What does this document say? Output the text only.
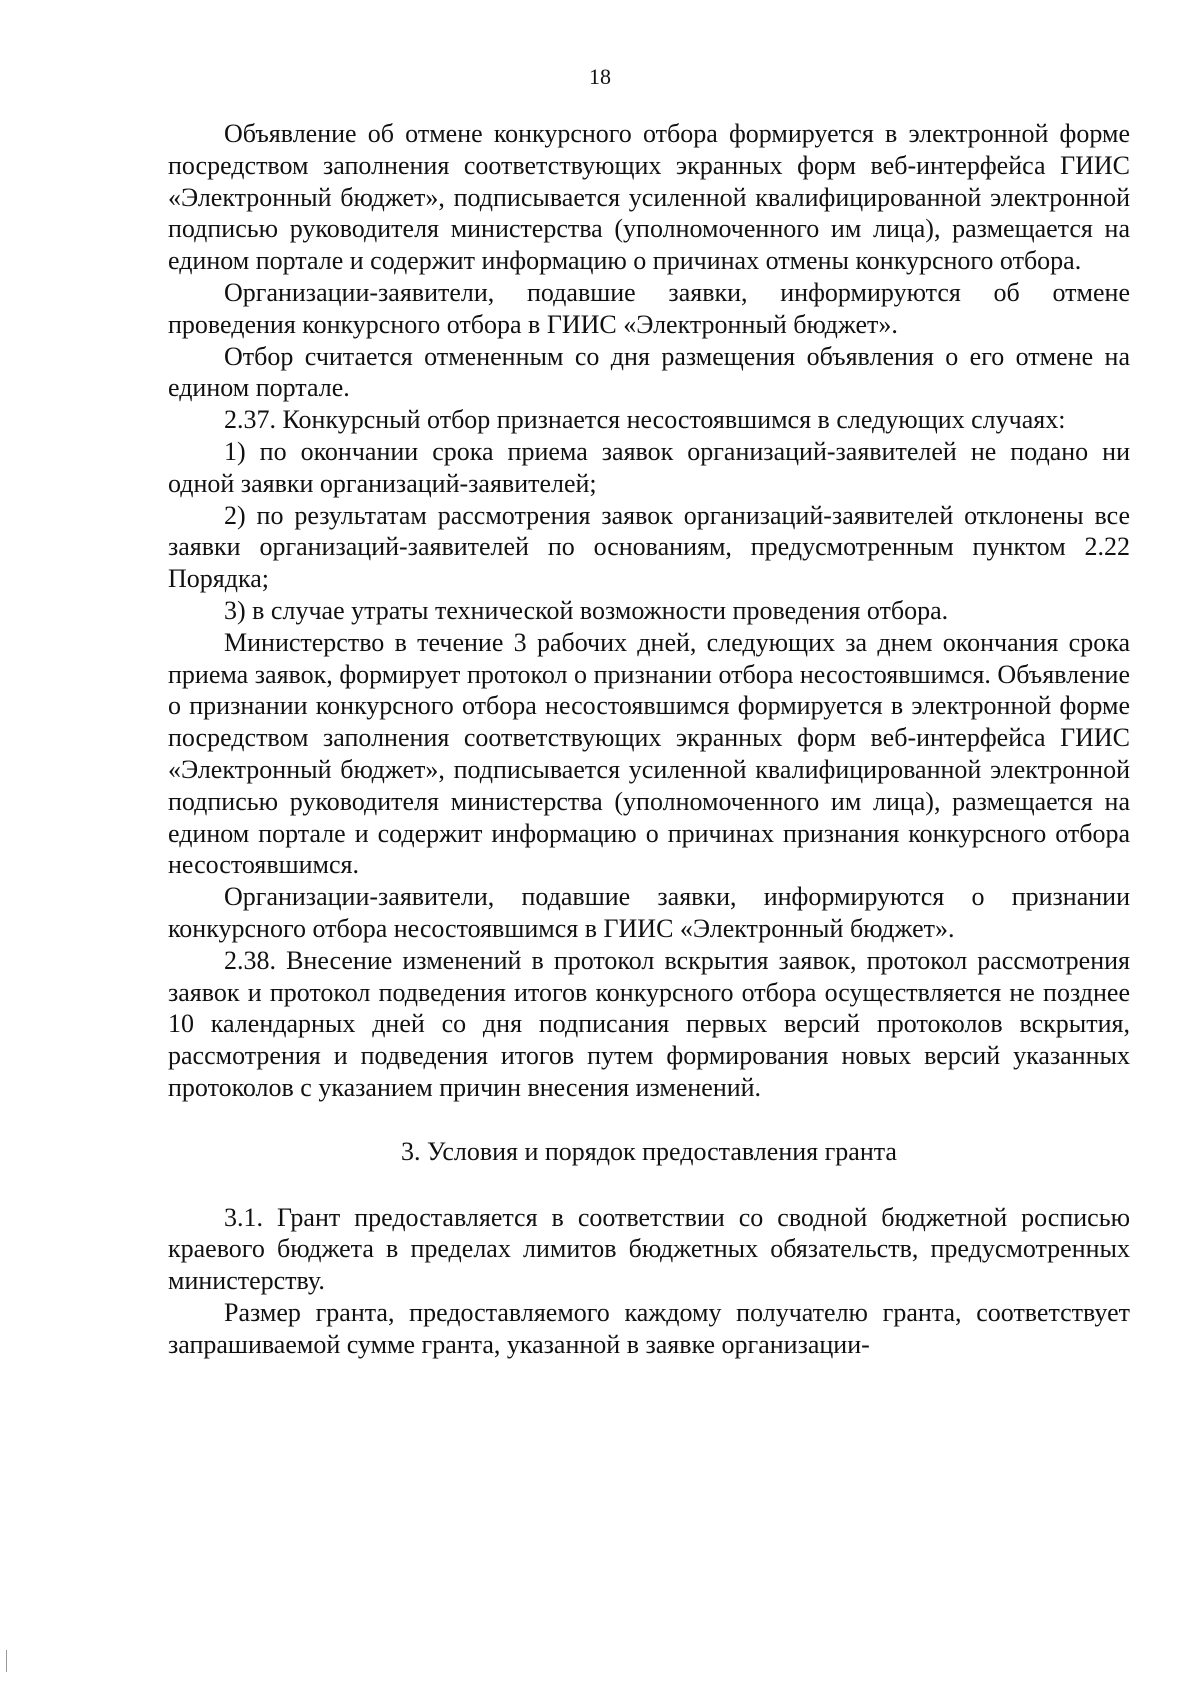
18

Объявление об отмене конкурсного отбора формируется в электронной форме посредством заполнения соответствующих экранных форм веб-интерфейса ГИИС «Электронный бюджет», подписывается усиленной квалифицированной электронной подписью руководителя министерства (уполномоченного им лица), размещается на едином портале и содержит информацию о причинах отмены конкурсного отбора.

Организации-заявители, подавшие заявки, информируются об отмене проведения конкурсного отбора в ГИИС «Электронный бюджет».

Отбор считается отмененным со дня размещения объявления о его отмене на едином портале.

2.37. Конкурсный отбор признается несостоявшимся в следующих случаях:

1) по окончании срока приема заявок организаций-заявителей не подано ни одной заявки организаций-заявителей;

2) по результатам рассмотрения заявок организаций-заявителей отклонены все заявки организаций-заявителей по основаниям, предусмотренным пунктом 2.22 Порядка;

3) в случае утраты технической возможности проведения отбора.

Министерство в течение 3 рабочих дней, следующих за днем окончания срока приема заявок, формирует протокол о признании отбора несостоявшимся. Объявление о признании конкурсного отбора несостоявшимся формируется в электронной форме посредством заполнения соответствующих экранных форм веб-интерфейса ГИИС «Электронный бюджет», подписывается усиленной квалифицированной электронной подписью руководителя министерства (уполномоченного им лица), размещается на едином портале и содержит информацию о причинах признания конкурсного отбора несостоявшимся.

Организации-заявители, подавшие заявки, информируются о признании конкурсного отбора несостоявшимся в ГИИС «Электронный бюджет».

2.38. Внесение изменений в протокол вскрытия заявок, протокол рассмотрения заявок и протокол подведения итогов конкурсного отбора осуществляется не позднее 10 календарных дней со дня подписания первых версий протоколов вскрытия, рассмотрения и подведения итогов путем формирования новых версий указанных протоколов с указанием причин внесения изменений.

3. Условия и порядок предоставления гранта

3.1. Грант предоставляется в соответствии со сводной бюджетной росписью краевого бюджета в пределах лимитов бюджетных обязательств, предусмотренных министерству.

Размер гранта, предоставляемого каждому получателю гранта, соответствует запрашиваемой сумме гранта, указанной в заявке организации-
